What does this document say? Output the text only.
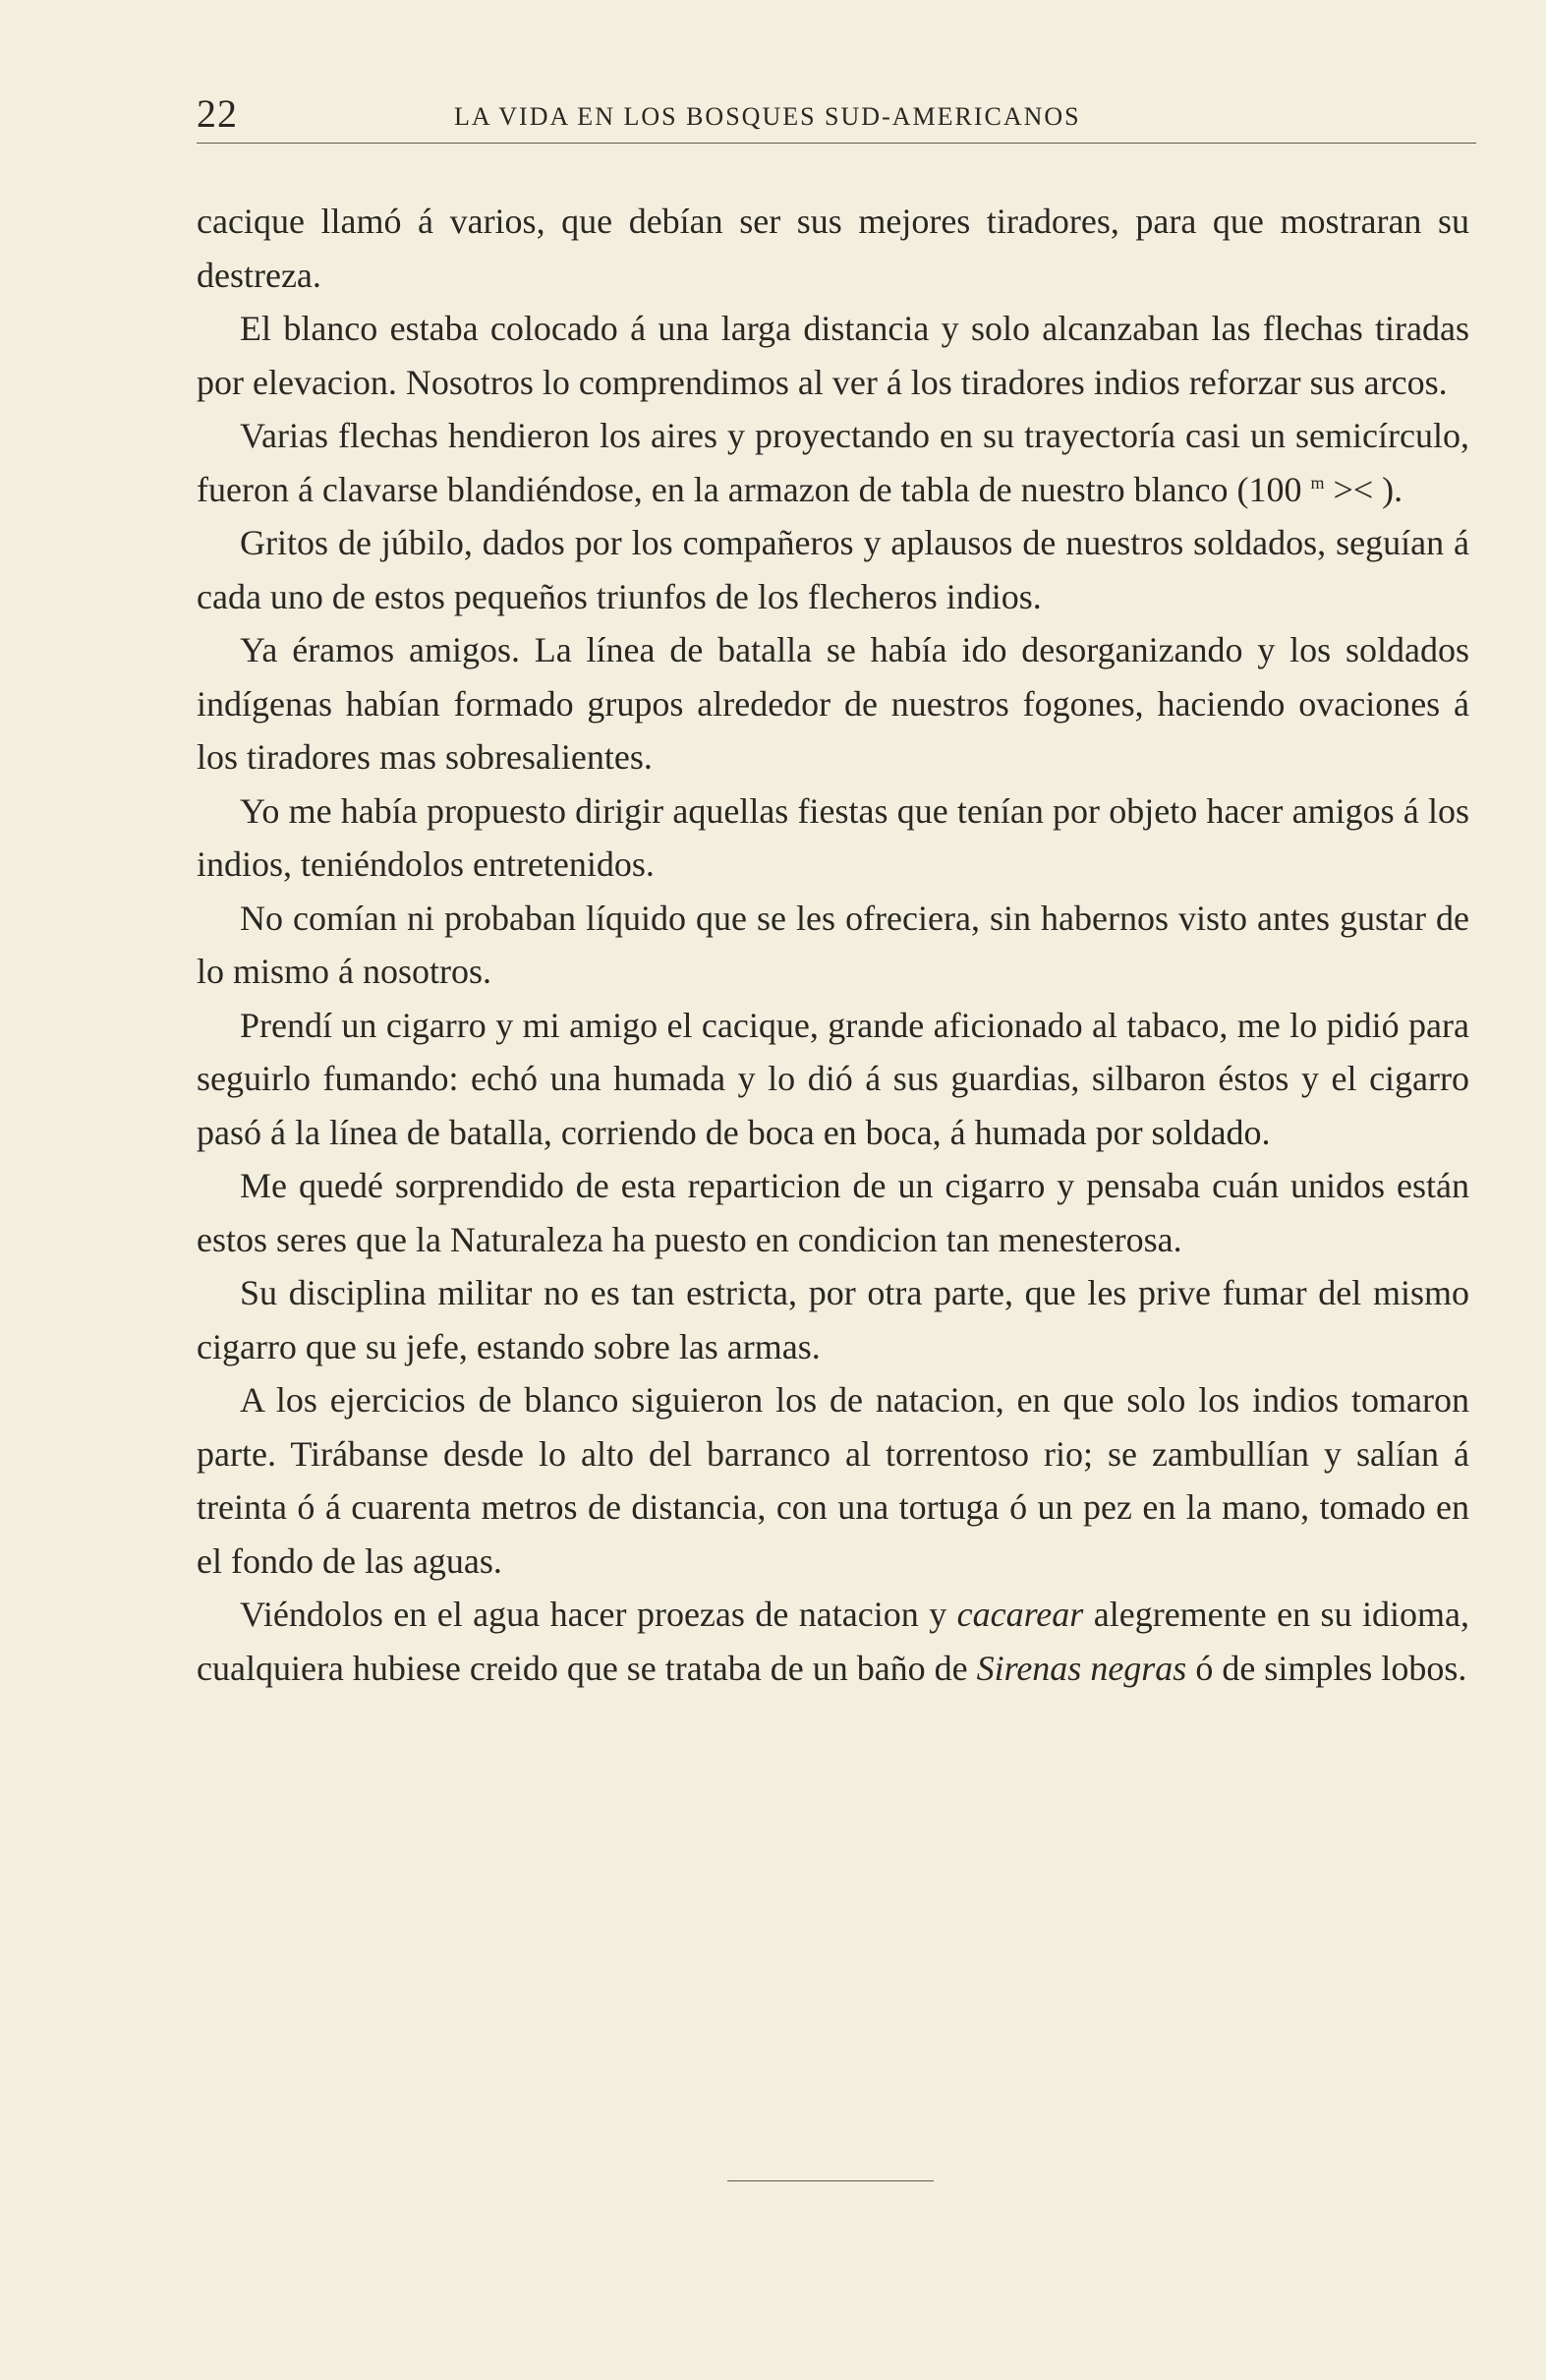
22	LA VIDA EN LOS BOSQUES SUD-AMERICANOS

cacique llamó á varios, que debían ser sus mejores tiradores, para que mostraran su destreza.

El blanco estaba colocado á una larga distancia y solo alcanzaban las flechas tiradas por elevacion. Nosotros lo comprendimos al ver á los tiradores indios reforzar sus arcos.

Varias flechas hendieron los aires y proyectando en su trayectoría casi un semicírculo, fueron á clavarse blandiéndose, en la armazon de tabla de nuestro blanco (100 $^m$ >< ).

Gritos de júbilo, dados por los compañeros y aplausos de nuestros soldados, seguían á cada uno de estos pequeños triunfos de los flecheros indios.

Ya éramos amigos. La línea de batalla se había ido desorganizando y los soldados indígenas habían formado grupos alrededor de nuestros fogones, haciendo ovaciones á los tiradores mas sobresalientes.

Yo me había propuesto dirigir aquellas fiestas que tenían por objeto hacer amigos á los indios, teniéndolos entretenidos.

No comían ni probaban líquido que se les ofreciera, sin habernos visto antes gustar de lo mismo á nosotros.

Prendí un cigarro y mi amigo el cacique, grande aficionado al tabaco, me lo pidió para seguirlo fumando: echó una humada y lo dió á sus guardias, silbaron éstos y el cigarro pasó á la línea de batalla, corriendo de boca en boca, á humada por soldado.

Me quedé sorprendido de esta reparticion de un cigarro y pensaba cuán unidos están estos seres que la Naturaleza ha puesto en condicion tan menesterosa.

Su disciplina militar no es tan estricta, por otra parte, que les prive fumar del mismo cigarro que su jefe, estando sobre las armas.

A los ejercicios de blanco siguieron los de natacion, en que solo los indios tomaron parte. Tirábanse desde lo alto del barranco al torrentoso rio; se zambullían y salían á treinta ó á cuarenta metros de distancia, con una tortuga ó un pez en la mano, tomado en el fondo de las aguas.

Viéndolos en el agua hacer proezas de natacion y cacarear alegremente en su idioma, cualquiera hubiese creido que se trataba de un baño de Sirenas negras ó de simples lobos.
